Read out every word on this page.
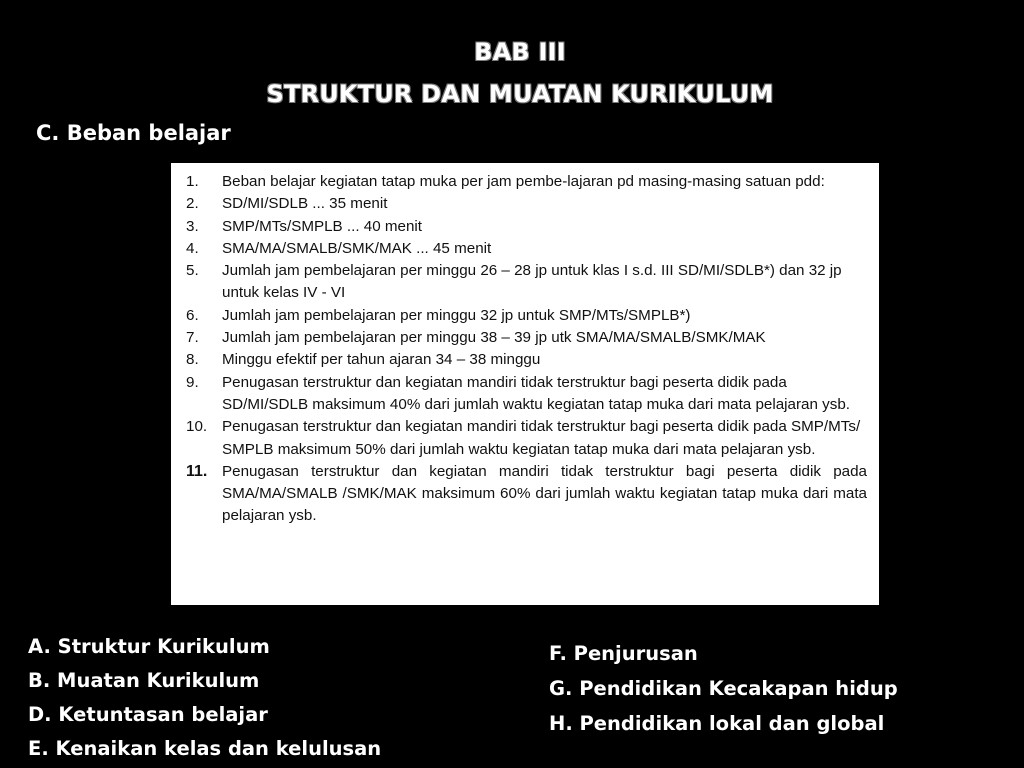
BAB III
STRUKTUR DAN MUATAN KURIKULUM
C. Beban belajar
1. Beban belajar kegiatan tatap muka per jam pembe-lajaran pd masing-masing satuan pdd:
2. SD/MI/SDLB ... 35 menit
3. SMP/MTs/SMPLB ... 40 menit
4. SMA/MA/SMALB/SMK/MAK ... 45 menit
5. Jumlah jam pembelajaran per minggu 26 – 28 jp untuk klas I s.d. III SD/MI/SDLB*) dan 32 jp untuk kelas IV - VI
6. Jumlah jam pembelajaran per minggu 32 jp untuk SMP/MTs/SMPLB*)
7. Jumlah jam pembelajaran per minggu 38 – 39 jp utk SMA/MA/SMALB/SMK/MAK
8. Minggu efektif per tahun ajaran 34 – 38 minggu
9. Penugasan terstruktur dan kegiatan mandiri tidak terstruktur bagi peserta didik pada SD/MI/SDLB maksimum 40% dari jumlah waktu kegiatan tatap muka dari mata pelajaran ysb.
10. Penugasan terstruktur dan kegiatan mandiri tidak terstruktur bagi peserta didik pada SMP/MTs/ SMPLB maksimum 50% dari jumlah waktu kegiatan tatap muka dari mata pelajaran ysb.
11. Penugasan terstruktur dan kegiatan mandiri tidak terstruktur bagi peserta didik pada SMA/MA/SMALB /SMK/MAK maksimum 60% dari jumlah waktu kegiatan tatap muka dari mata pelajaran ysb.
A. Struktur Kurikulum
B. Muatan Kurikulum
D. Ketuntasan belajar
E. Kenaikan kelas dan kelulusan
F. Penjurusan
G. Pendidikan Kecakapan hidup
H. Pendidikan lokal dan global
